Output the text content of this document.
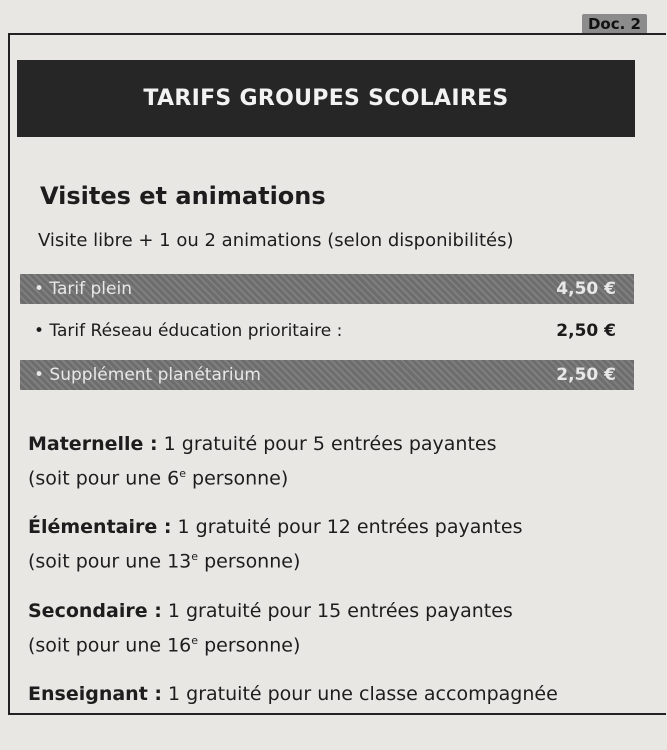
Doc. 2
TARIFS GROUPES SCOLAIRES
Visites et animations
Visite libre + 1 ou 2 animations (selon disponibilités)
• Tarif plein	4,50 €
• Tarif Réseau éducation prioritaire :	2,50 €
• Supplément planétarium	2,50 €
Maternelle : 1 gratuité pour 5 entrées payantes
(soit pour une 6e personne)
Élémentaire : 1 gratuité pour 12 entrées payantes
(soit pour une 13e personne)
Secondaire : 1 gratuité pour 15 entrées payantes
(soit pour une 16e personne)
Enseignant : 1 gratuité pour une classe accompagnée
